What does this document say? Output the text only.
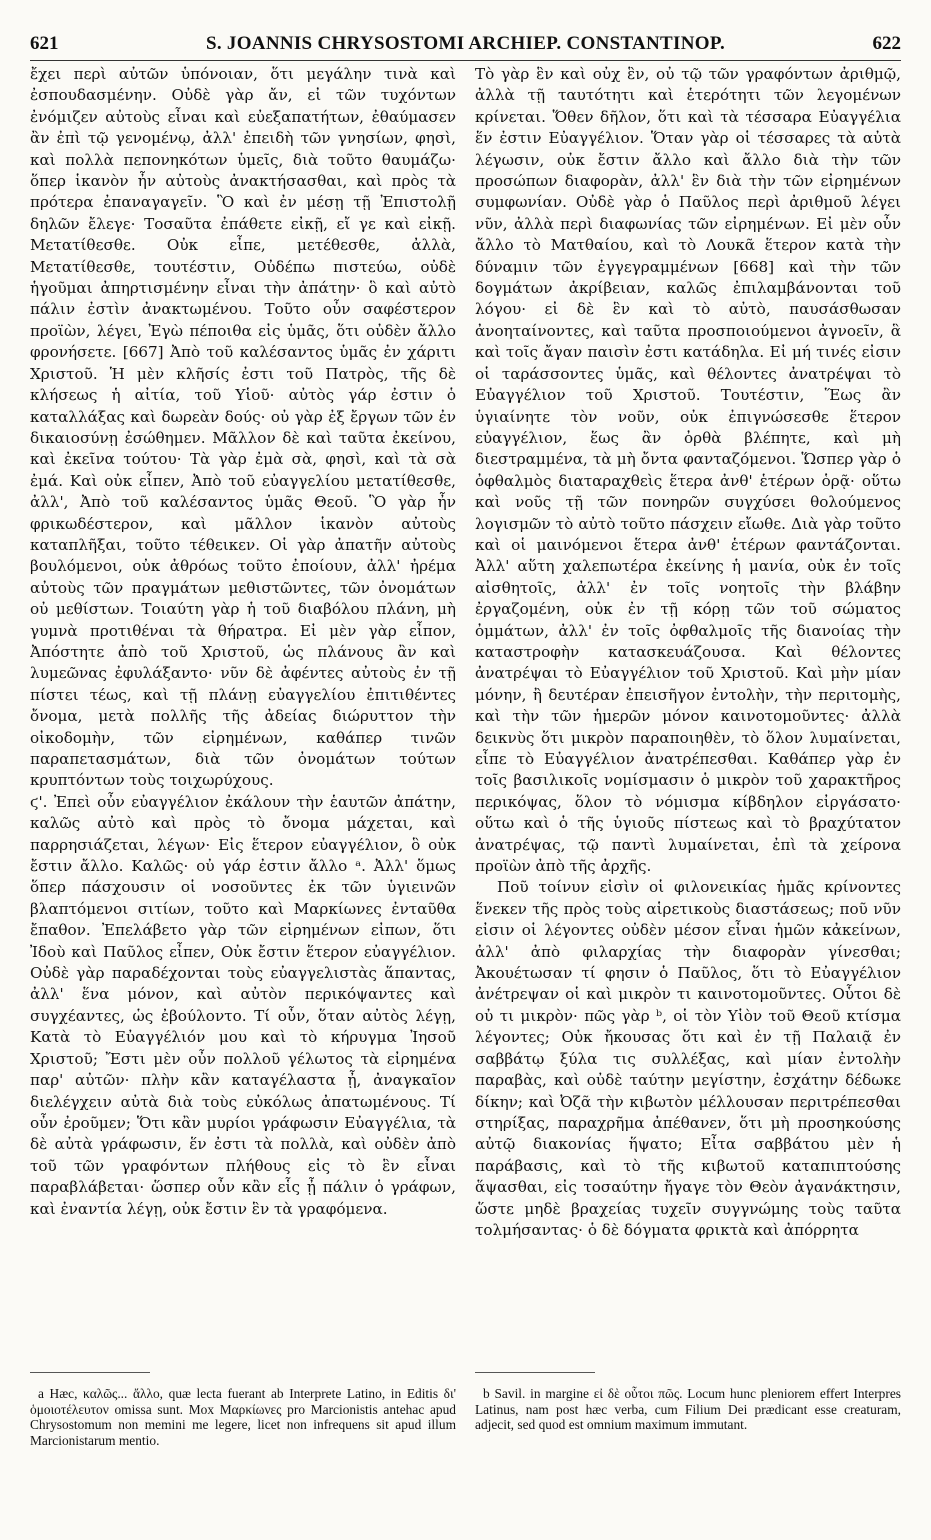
621	S. JOANNIS CHRYSOSTOMI ARCHIEP. CONSTANTINOP.	622

ἔχει περὶ αὐτῶν ὑπόνοιαν, ὅτι μεγάλην τινὰ καὶ ἐσπουδασμένην. Οὐδὲ γὰρ ἄν, εἰ τῶν τυχόντων ἐνόμιζεν αὐτοὺς εἶναι καὶ εὐεξαπατήτων, ἐθαύμασεν ἂν ἐπὶ τῷ γενομένῳ, ἀλλ' ἐπειδὴ τῶν γνησίων, φησὶ, καὶ πολλὰ πεπονηκότων ὑμεῖς, διὰ τοῦτο θαυμάζω· ὅπερ ἱκανὸν ἦν αὐτοὺς ἀνακτήσασθαι, καὶ πρὸς τὰ πρότερα ἐπαναγαγεῖν. Ὃ καὶ ἐν μέσῃ τῇ Ἐπιστολῇ δηλῶν ἔλεγε· Τοσαῦτα ἐπάθετε εἰκῇ, εἴ γε καὶ εἰκῇ. Μετατίθεσθε. Οὐκ εἶπε, μετέθεσθε, ἀλλὰ, Μετατίθεσθε, τουτέστιν, Οὐδέπω πιστεύω, οὐδὲ ἡγοῦμαι ἀπηρτισμένην εἶναι τὴν ἀπάτην· ὃ καὶ αὐτὸ πάλιν ἐστὶν ἀνακτωμένου. Τοῦτο οὖν σαφέστερον προϊὼν, λέγει, Ἐγὼ πέποιθα εἰς ὑμᾶς, ὅτι οὐδὲν ἄλλο φρονήσετε. [667] Ἀπὸ τοῦ καλέσαντος ὑμᾶς ἐν χάριτι Χριστοῦ. Ἡ μὲν κλῆσίς ἐστι τοῦ Πατρὸς, τῆς δὲ κλήσεως ἡ αἰτία, τοῦ Υἱοῦ· αὐτὸς γάρ ἐστιν ὁ καταλλάξας καὶ δωρεὰν δούς· οὐ γὰρ ἐξ ἔργων τῶν ἐν δικαιοσύνῃ ἐσώθημεν. Μᾶλλον δὲ καὶ ταῦτα ἐκείνου, καὶ ἐκεῖνα τούτου· Τὰ γὰρ ἐμὰ σὰ, φησὶ, καὶ τὰ σὰ ἐμά. Καὶ οὐκ εἶπεν, Ἀπὸ τοῦ εὐαγγελίου μετατίθεσθε, ἀλλ', Ἀπὸ τοῦ καλέσαντος ὑμᾶς Θεοῦ. Ὃ γὰρ ἦν φρικωδέστερον, καὶ μᾶλλον ἱκανὸν αὐτοὺς καταπλῆξαι, τοῦτο τέθεικεν. Οἱ γὰρ ἀπατῆν αὐτοὺς βουλόμενοι, οὐκ ἀθρόως τοῦτο ἐποίουν, ἀλλ' ἠρέμα αὐτοὺς τῶν πραγμάτων μεθιστῶντες, τῶν ὀνομάτων οὐ μεθίστων. Τοιαύτη γὰρ ἡ τοῦ διαβόλου πλάνη, μὴ γυμνὰ προτιθέναι τὰ θήρατρα. Εἰ μὲν γὰρ εἶπον, Ἀπόστητε ἀπὸ τοῦ Χριστοῦ, ὡς πλάνους ἂν καὶ λυμεῶνας ἐφυλάξαντο· νῦν δὲ ἀφέντες αὐτοὺς ἐν τῇ πίστει τέως, καὶ τῇ πλάνῃ εὐαγγελίου ἐπιτιθέντες ὄνομα, μετὰ πολλῆς τῆς ἀδείας διώρυττον τὴν οἰκοδομὴν, τῶν εἰρημένων, καθάπερ τινῶν παραπετασμάτων, διὰ τῶν ὀνομάτων τούτων κρυπτόντων τοὺς τοιχωρύχους.

ϛ'. Ἐπεὶ οὖν εὐαγγέλιον ἐκάλουν τὴν ἑαυτῶν ἀπάτην, καλῶς αὐτὸ καὶ πρὸς τὸ ὄνομα μάχεται, καὶ παρρησιάζεται, λέγων· Εἰς ἕτερον εὐαγγέλιον, ὃ οὐκ ἔστιν ἄλλο. Καλῶς· οὐ γάρ ἐστιν ἄλλο ᵃ. Ἀλλ' ὅμως ὅπερ πάσχουσιν οἱ νοσοῦντες ἐκ τῶν ὑγιεινῶν βλαπτόμενοι σιτίων, τοῦτο καὶ Μαρκίωνες ἐνταῦθα ἔπαθον. Ἐπελάβετο γὰρ τῶν εἰρημένων εἰπων, ὅτι Ἰδοὺ καὶ Παῦλος εἶπεν, Οὐκ ἔστιν ἕτερον εὐαγγέλιον. Οὐδὲ γὰρ παραδέχονται τοὺς εὐαγγελιστὰς ἅπαντας, ἀλλ' ἕνα μόνον, καὶ αὐτὸν περικόψαντες καὶ συγχέαντες, ὡς ἐβούλοντο. Τί οὖν, ὅταν αὐτὸς λέγῃ, Κατὰ τὸ Εὐαγγέλιόν μου καὶ τὸ κήρυγμα Ἰησοῦ Χριστοῦ; Ἔστι μὲν οὖν πολλοῦ γέλωτος τὰ εἰρημένα παρ' αὐτῶν· πλὴν κἂν καταγέλαστα ᾖ, ἀναγκαῖον διελέγχειν αὐτὰ διὰ τοὺς εὐκόλως ἀπατωμένους. Τί οὖν ἐροῦμεν; Ὅτι κἂν μυρίοι γράφωσιν Εὐαγγέλια, τὰ δὲ αὐτὰ γράφωσιν, ἕν ἐστι τὰ πολλὰ, καὶ οὐδὲν ἀπὸ τοῦ τῶν γραφόντων πλήθους εἰς τὸ ἓν εἶναι παραβλάβεται· ὥσπερ οὖν κἂν εἷς ᾖ πάλιν ὁ γράφων, καὶ ἐναντία λέγῃ, οὐκ ἔστιν ἓν τὰ γραφόμενα.

Τὸ γὰρ ἓν καὶ οὐχ ἓν, οὐ τῷ τῶν γραφόντων ἀριθμῷ, ἀλλὰ τῇ ταυτότητι καὶ ἑτερότητι τῶν λεγομένων κρίνεται. Ὅθεν δῆλον, ὅτι καὶ τὰ τέσσαρα Εὐαγγέλια ἕν ἐστιν Εὐαγγέλιον. Ὅταν γὰρ οἱ τέσσαρες τὰ αὐτὰ λέγωσιν, οὐκ ἔστιν ἄλλο καὶ ἄλλο διὰ τὴν τῶν προσώπων διαφορὰν, ἀλλ' ἓν διὰ τὴν τῶν εἰρημένων συμφωνίαν. Οὐδὲ γὰρ ὁ Παῦλος περὶ ἀριθμοῦ λέγει νῦν, ἀλλὰ περὶ διαφωνίας τῶν εἰρημένων. Εἰ μὲν οὖν ἄλλο τὸ Ματθαίου, καὶ τὸ Λουκᾶ ἕτερον κατὰ τὴν δύναμιν τῶν ἐγγεγραμμένων [668] καὶ τὴν τῶν δογμάτων ἀκρίβειαν, καλῶς ἐπιλαμβάνονται τοῦ λόγου· εἰ δὲ ἓν καὶ τὸ αὐτὸ, παυσάσθωσαν ἀνοηταίνοντες, καὶ ταῦτα προσποιούμενοι ἀγνοεῖν, ἃ καὶ τοῖς ἄγαν παισὶν ἐστι κατάδηλα. Εἰ μή τινές εἰσιν οἱ ταράσσοντες ὑμᾶς, καὶ θέλοντες ἀνατρέψαι τὸ Εὐαγγέλιον τοῦ Χριστοῦ. Τουτέστιν, Ἕως ἂν ὑγιαίνητε τὸν νοῦν, οὐκ ἐπιγνώσεσθε ἕτερον εὐαγγέλιον, ἕως ἂν ὀρθὰ βλέπητε, καὶ μὴ διεστραμμένα, τὰ μὴ ὄντα φανταζόμενοι. Ὥσπερ γὰρ ὁ ὀφθαλμὸς διαταραχθεὶς ἕτερα ἀνθ' ἑτέρων ὁρᾷ· οὕτω καὶ νοῦς τῇ τῶν πονηρῶν συγχύσει θολούμενος λογισμῶν τὸ αὐτὸ τοῦτο πάσχειν εἴωθε. Διὰ γὰρ τοῦτο καὶ οἱ μαινόμενοι ἕτερα ἀνθ' ἑτέρων φαντάζονται. Ἀλλ' αὕτη χαλεπωτέρα ἐκείνης ἡ μανία, οὐκ ἐν τοῖς αἰσθητοῖς, ἀλλ' ἐν τοῖς νοητοῖς τὴν βλάβην ἐργαζομένη, οὐκ ἐν τῇ κόρῃ τῶν τοῦ σώματος ὀμμάτων, ἀλλ' ἐν τοῖς ὀφθαλμοῖς τῆς διανοίας τὴν καταστροφὴν κατασκευάζουσα. Καὶ θέλοντες ἀνατρέψαι τὸ Εὐαγγέλιον τοῦ Χριστοῦ. Καὶ μὴν μίαν μόνην, ἢ δευτέραν ἐπεισῆγον ἐντολὴν, τὴν περιτομὴς, καὶ τὴν τῶν ἡμερῶν μόνον καινοτομοῦντες· ἀλλὰ δεικνὺς ὅτι μικρὸν παραποιηθὲν, τὸ ὅλον λυμαίνεται, εἶπε τὸ Εὐαγγέλιον ἀνατρέπεσθαι. Καθάπερ γὰρ ἐν τοῖς βασιλικοῖς νομίσμασιν ὁ μικρὸν τοῦ χαρακτῆρος περικόψας, ὅλον τὸ νόμισμα κίβδηλον εἰργάσατο· οὕτω καὶ ὁ τῆς ὑγιοῦς πίστεως καὶ τὸ βραχύτατον ἀνατρέψας, τῷ παντὶ λυμαίνεται, ἐπὶ τὰ χείρονα προϊὼν ἀπὸ τῆς ἀρχῆς.

Ποῦ τοίνυν εἰσὶν οἱ φιλονεικίας ἡμᾶς κρίνοντες ἕνεκεν τῆς πρὸς τοὺς αἱρετικοὺς διαστάσεως; ποῦ νῦν εἰσιν οἱ λέγοντες οὐδὲν μέσον εἶναι ἡμῶν κἀκείνων, ἀλλ' ἀπὸ φιλαρχίας τὴν διαφορὰν γίνεσθαι; Ἀκουέτωσαν τί φησιν ὁ Παῦλος, ὅτι τὸ Εὐαγγέλιον ἀνέτρεψαν οἱ καὶ μικρὸν τι καινοτομοῦντες. Οὗτοι δὲ οὐ τι μικρὸν· πῶς γὰρ ᵇ, οἱ τὸν Υἱὸν τοῦ Θεοῦ κτίσμα λέγοντες; Οὐκ ἤκουσας ὅτι καὶ ἐν τῇ Παλαιᾷ ἐν σαββάτῳ ξύλα τις συλλέξας, καὶ μίαν ἐντολὴν παραβὰς, καὶ οὐδὲ ταύτην μεγίστην, ἐσχάτην δέδωκε δίκην; καὶ Ὀζᾶ τὴν κιβωτὸν μέλλουσαν περιτρέπεσθαι στηρίξας, παραχρῆμα ἀπέθανεν, ὅτι μὴ προσηκούσης αὐτῷ διακονίας ἥψατο; Εἶτα σαββάτου μὲν ἡ παράβασις, καὶ τὸ τῆς κιβωτοῦ καταπιπτούσης ἅψασθαι, εἰς τοσαύτην ἤγαγε τὸν Θεὸν ἀγανάκτησιν, ὥστε μηδὲ βραχείας τυχεῖν συγγνώμης τοὺς ταῦτα τολμήσαντας· ὁ δὲ δόγματα φρικτὰ καὶ ἀπόρρητα

a Hæc, καλῶς... ἄλλο, quæ lecta fuerant ab Interprete Latino, in Editis δι' ὁμοιοτέλευτον omissa sunt. Mox Μαρκίωνες pro Marcionistis antehac apud Chrysostomum non memini me legere, licet non infrequens sit apud illum Marcionistarum mentio.
b Savil. in margine εἰ δὲ οὗτοι πῶς. Locum hunc pleniorem effert Interpres Latinus, nam post hæc verba, cum Filium Dei prædicant esse creaturam, adjecit, sed quod est omnium maximum immutant.
